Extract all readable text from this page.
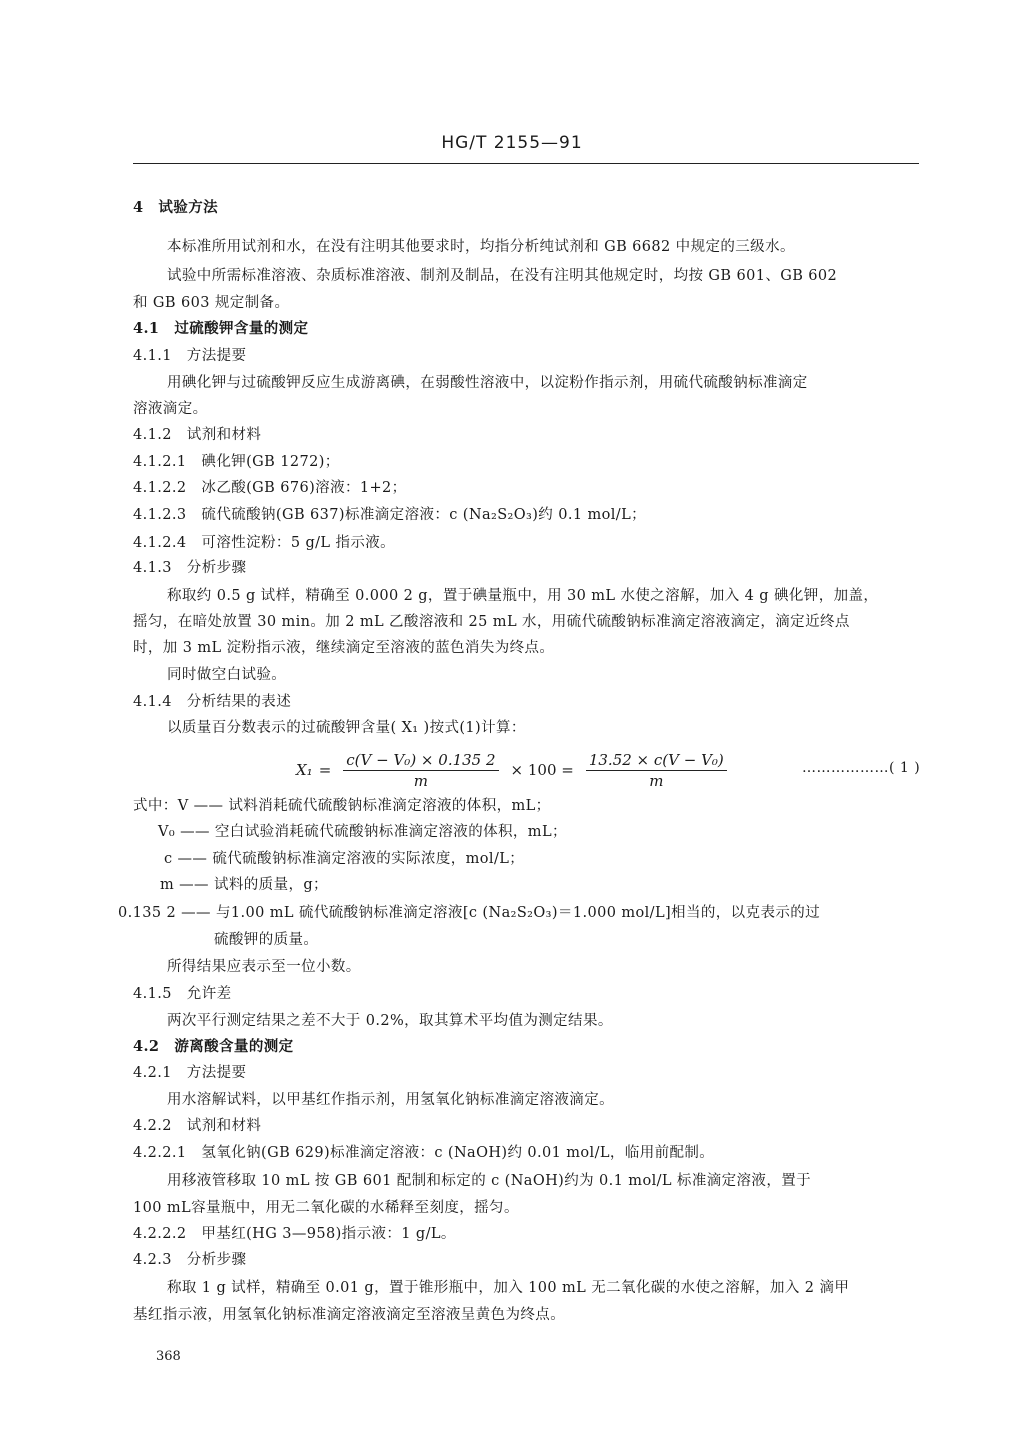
HG/T 2155—91
4　试验方法
本标准所用试剂和水，在没有注明其他要求时，均指分析纯试剂和 GB 6682 中规定的三级水。
试验中所需标准溶液、杂质标准溶液、制剂及制品，在没有注明其他规定时，均按 GB 601、GB 602
和 GB 603 规定制备。
4.1　过硫酸钾含量的测定
4.1.1　方法提要
用碘化钾与过硫酸钾反应生成游离碘，在弱酸性溶液中，以淀粉作指示剂，用硫代硫酸钠标准滴定
溶液滴定。
4.1.2　试剂和材料
4.1.2.1　碘化钾(GB 1272)；
4.1.2.2　冰乙酸(GB 676)溶液：1+2；
4.1.2.3　硫代硫酸钠(GB 637)标准滴定溶液：c (Na₂S₂O₃)约 0.1 mol/L；
4.1.2.4　可溶性淀粉：5 g/L 指示液。
4.1.3　分析步骤
称取约 0.5 g 试样，精确至 0.000 2 g，置于碘量瓶中，用 30 mL 水使之溶解，加入 4 g 碘化钾，加盖，
摇匀，在暗处放置 30 min。加 2 mL 乙酸溶液和 25 mL 水，用硫代硫酸钠标准滴定溶液滴定，滴定近终点
时，加 3 mL 淀粉指示液，继续滴定至溶液的蓝色消失为终点。
同时做空白试验。
4.1.4　分析结果的表述
以质量百分数表示的过硫酸钾含量( X₁ )按式(1)计算：
$X_1 = \frac{\text{c(V − V₀) × 0.135 2}}{m} \times 100 = \frac{\text{13.52 × c(V − V₀)}}{m}$	………………( 1 )
式中：V —— 试料消耗硫代硫酸钠标准滴定溶液的体积，mL；
V₀ —— 空白试验消耗硫代硫酸钠标准滴定溶液的体积，mL；
c —— 硫代硫酸钠标准滴定溶液的实际浓度，mol/L；
m —— 试料的质量，g；
0.135 2 —— 与1.00 mL 硫代硫酸钠标准滴定溶液[c (Na₂S₂O₃)＝1.000 mol/L]相当的，以克表示的过
硫酸钾的质量。
所得结果应表示至一位小数。
4.1.5　允许差
两次平行测定结果之差不大于 0.2%，取其算术平均值为测定结果。
4.2　游离酸含量的测定
4.2.1　方法提要
用水溶解试料，以甲基红作指示剂，用氢氧化钠标准滴定溶液滴定。
4.2.2　试剂和材料
4.2.2.1　氢氧化钠(GB 629)标准滴定溶液：c (NaOH)约 0.01 mol/L，临用前配制。
用移液管移取 10 mL 按 GB 601 配制和标定的 c (NaOH)约为 0.1 mol/L 标准滴定溶液，置于
100 mL容量瓶中，用无二氧化碳的水稀释至刻度，摇匀。
4.2.2.2　甲基红(HG 3—958)指示液：1 g/L。
4.2.3　分析步骤
称取 1 g 试样，精确至 0.01 g，置于锥形瓶中，加入 100 mL 无二氧化碳的水使之溶解，加入 2 滴甲
基红指示液，用氢氧化钠标准滴定溶液滴定至溶液呈黄色为终点。
368
